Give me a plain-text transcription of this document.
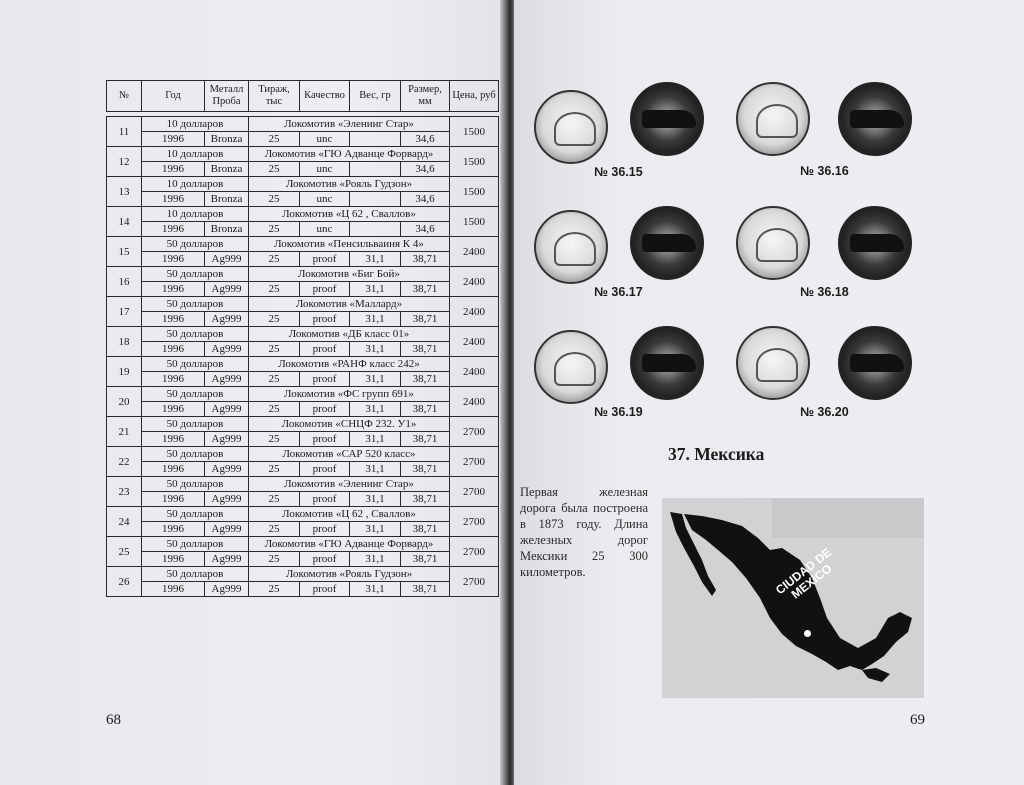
№	Год	Металл Проба	Тираж, тыс	Качество	Вес, гр	Размер, мм	Цена, руб

11	10 долларов		Локомотив «Эленинг Стар»				1500
	1996	Bronza	25	unc		34,6	
12	10 долларов		Локомотив «ГЮ Адванце Форвард»				1500
	1996	Bronza	25	unc		34,6	
13	10 долларов		Локомотив «Рояль Гудзон»				1500
	1996	Bronza	25	unc		34,6	
14	10 долларов		Локомотив «Ц 62 , Сваллов»				1500
	1996	Bronza	25	unc		34,6	
15	50 долларов		Локомотив «Пенсильваиня К 4»				2400
	1996	Ag999	25	proof	31,1	38,71	
16	50 долларов		Локомотив «Биг Бой»				2400
	1996	Ag999	25	proof	31,1	38,71	
17	50 долларов		Локомотив «Маллард»				2400
	1996	Ag999	25	proof	31,1	38,71	
18	50 долларов		Локомотив «ДБ класс 01»				2400
	1996	Ag999	25	proof	31,1	38,71	
19	50 долларов		Локомотив «РАНФ класс 242»				2400
	1996	Ag999	25	proof	31,1	38,71	
20	50 долларов		Локомотив «ФС групп 691»				2400
	1996	Ag999	25	proof	31,1	38,71	
21	50 долларов		Локомотив «СНЦФ 232. У1»				2700
	1996	Ag999	25	proof	31,1	38,71	
22	50 долларов		Локомотив «САР 520 класс»				2700
	1996	Ag999	25	proof	31,1	38,71	
23	50 долларов		Локомотив «Эленинг Стар»				2700
	1996	Ag999	25	proof	31,1	38,71	
24	50 долларов		Локомотив «Ц 62 , Сваллов»				2700
	1996	Ag999	25	proof	31,1	38,71	
25	50 долларов		Локомотив «ГЮ Адванце Форвард»				2700
	1996	Ag999	25	proof	31,1	38,71	
26	50 долларов		Локомотив «Рояль Гудзон»				2700
	1996	Ag999	25	proof	31,1	38,71	
68
№ 36.15	№ 36.16
№ 36.17	№ 36.18
№ 36.19	№ 36.20
37. Мексика
Первая железная дорога была построена в 1873 году. Длина железных дорог Мексики 25 300 километров.	CIUDAD DE MEXICO
69
